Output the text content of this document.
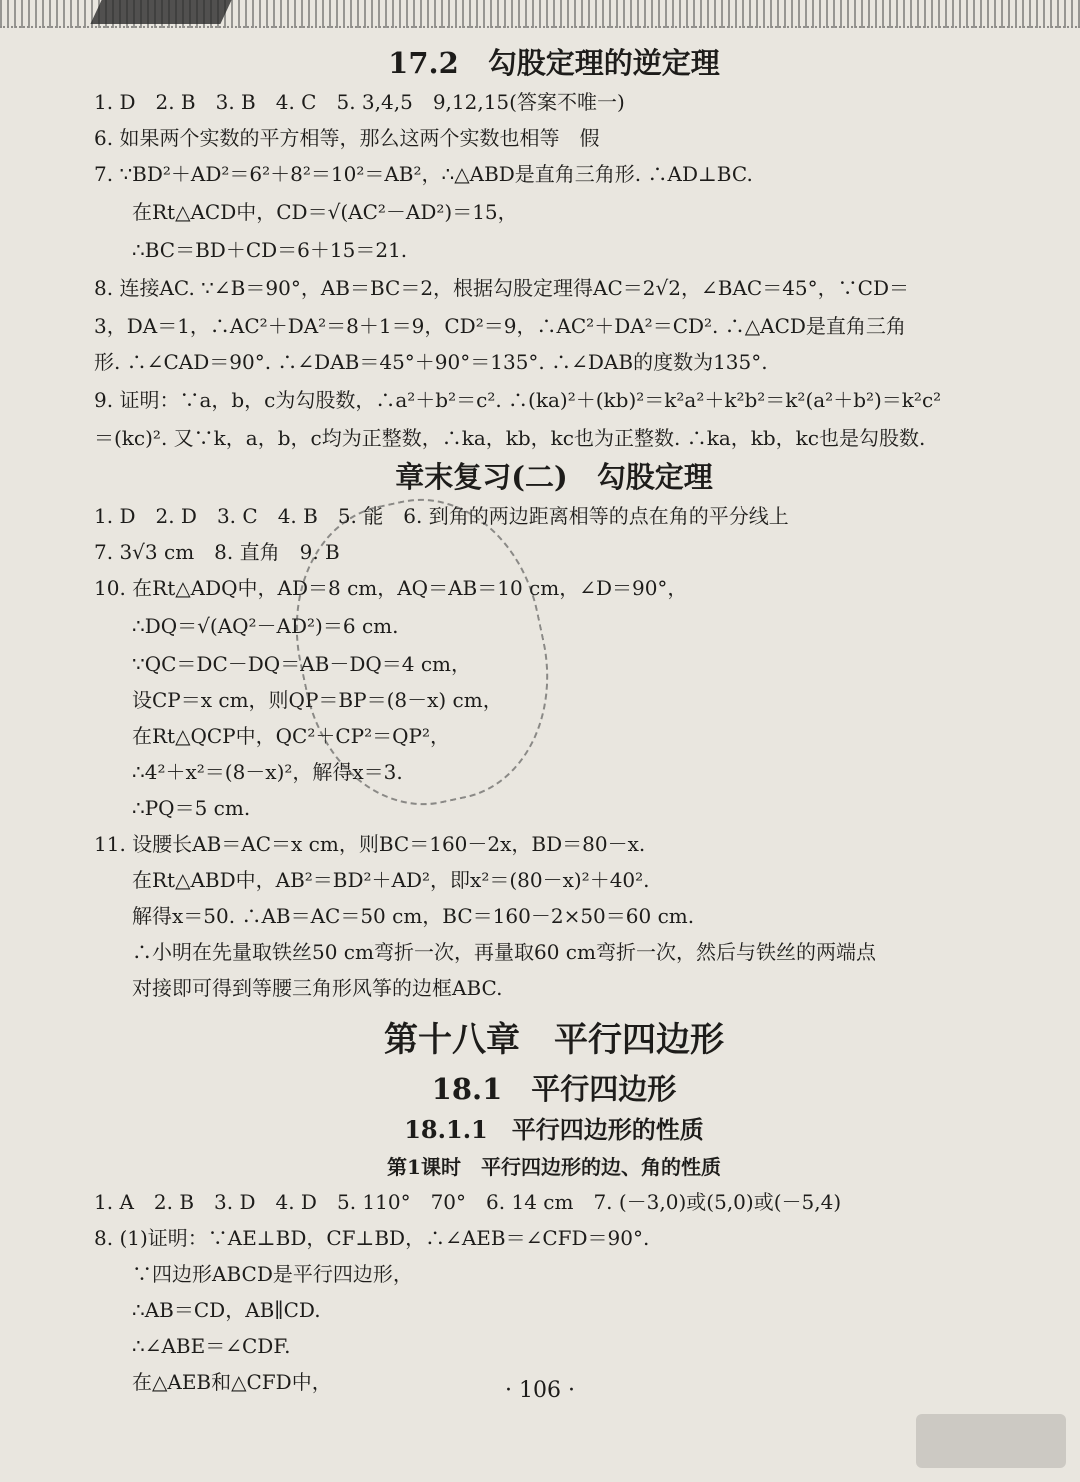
17.2　勾股定理的逆定理
1. D　2. B　3. B　4. C　5. 3,4,5　9,12,15(答案不唯一)
6. 如果两个实数的平方相等，那么这两个实数也相等　假
7. ∵BD²＋AD²＝6²＋8²＝10²＝AB²，∴△ABD是直角三角形. ∴AD⊥BC.
在Rt△ACD中，CD＝√(AC²－AD²)＝15，
∴BC＝BD＋CD＝6＋15＝21.
8. 连接AC. ∵∠B＝90°，AB＝BC＝2，根据勾股定理得AC＝2√2，∠BAC＝45°，∵CD＝
3，DA＝1，∴AC²＋DA²＝8＋1＝9，CD²＝9，∴AC²＋DA²＝CD². ∴△ACD是直角三角
形. ∴∠CAD＝90°. ∴∠DAB＝45°＋90°＝135°. ∴∠DAB的度数为135°.
9. 证明：∵a，b，c为勾股数，∴a²＋b²＝c². ∴(ka)²＋(kb)²＝k²a²＋k²b²＝k²(a²＋b²)＝k²c²
＝(kc)². 又∵k，a，b，c均为正整数，∴ka，kb，kc也为正整数. ∴ka，kb，kc也是勾股数.
章末复习(二)　勾股定理
1. D　2. D　3. C　4. B　5. 能　6. 到角的两边距离相等的点在角的平分线上
7. 3√3 cm　8. 直角　9. B
10. 在Rt△ADQ中，AD＝8 cm，AQ＝AB＝10 cm，∠D＝90°，
∴DQ＝√(AQ²－AD²)＝6 cm.
∵QC＝DC－DQ＝AB－DQ＝4 cm，
设CP＝x cm，则QP＝BP＝(8－x) cm，
在Rt△QCP中，QC²＋CP²＝QP²，
∴4²＋x²＝(8－x)²，解得x＝3.
∴PQ＝5 cm.
11. 设腰长AB＝AC＝x cm，则BC＝160－2x，BD＝80－x.
在Rt△ABD中，AB²＝BD²＋AD²，即x²＝(80－x)²＋40².
解得x＝50. ∴AB＝AC＝50 cm，BC＝160－2×50＝60 cm.
∴小明在先量取铁丝50 cm弯折一次，再量取60 cm弯折一次，然后与铁丝的两端点
对接即可得到等腰三角形风筝的边框ABC.
第十八章　平行四边形
18.1　平行四边形
18.1.1　平行四边形的性质
第1课时　平行四边形的边、角的性质
1. A　2. B　3. D　4. D　5. 110°　70°　6. 14 cm　7. (－3,0)或(5,0)或(－5,4)
8. (1)证明：∵AE⊥BD，CF⊥BD，∴∠AEB＝∠CFD＝90°.
∵四边形ABCD是平行四边形，
∴AB＝CD，AB∥CD.
∴∠ABE＝∠CDF.
在△AEB和△CFD中，	· 106 ·
